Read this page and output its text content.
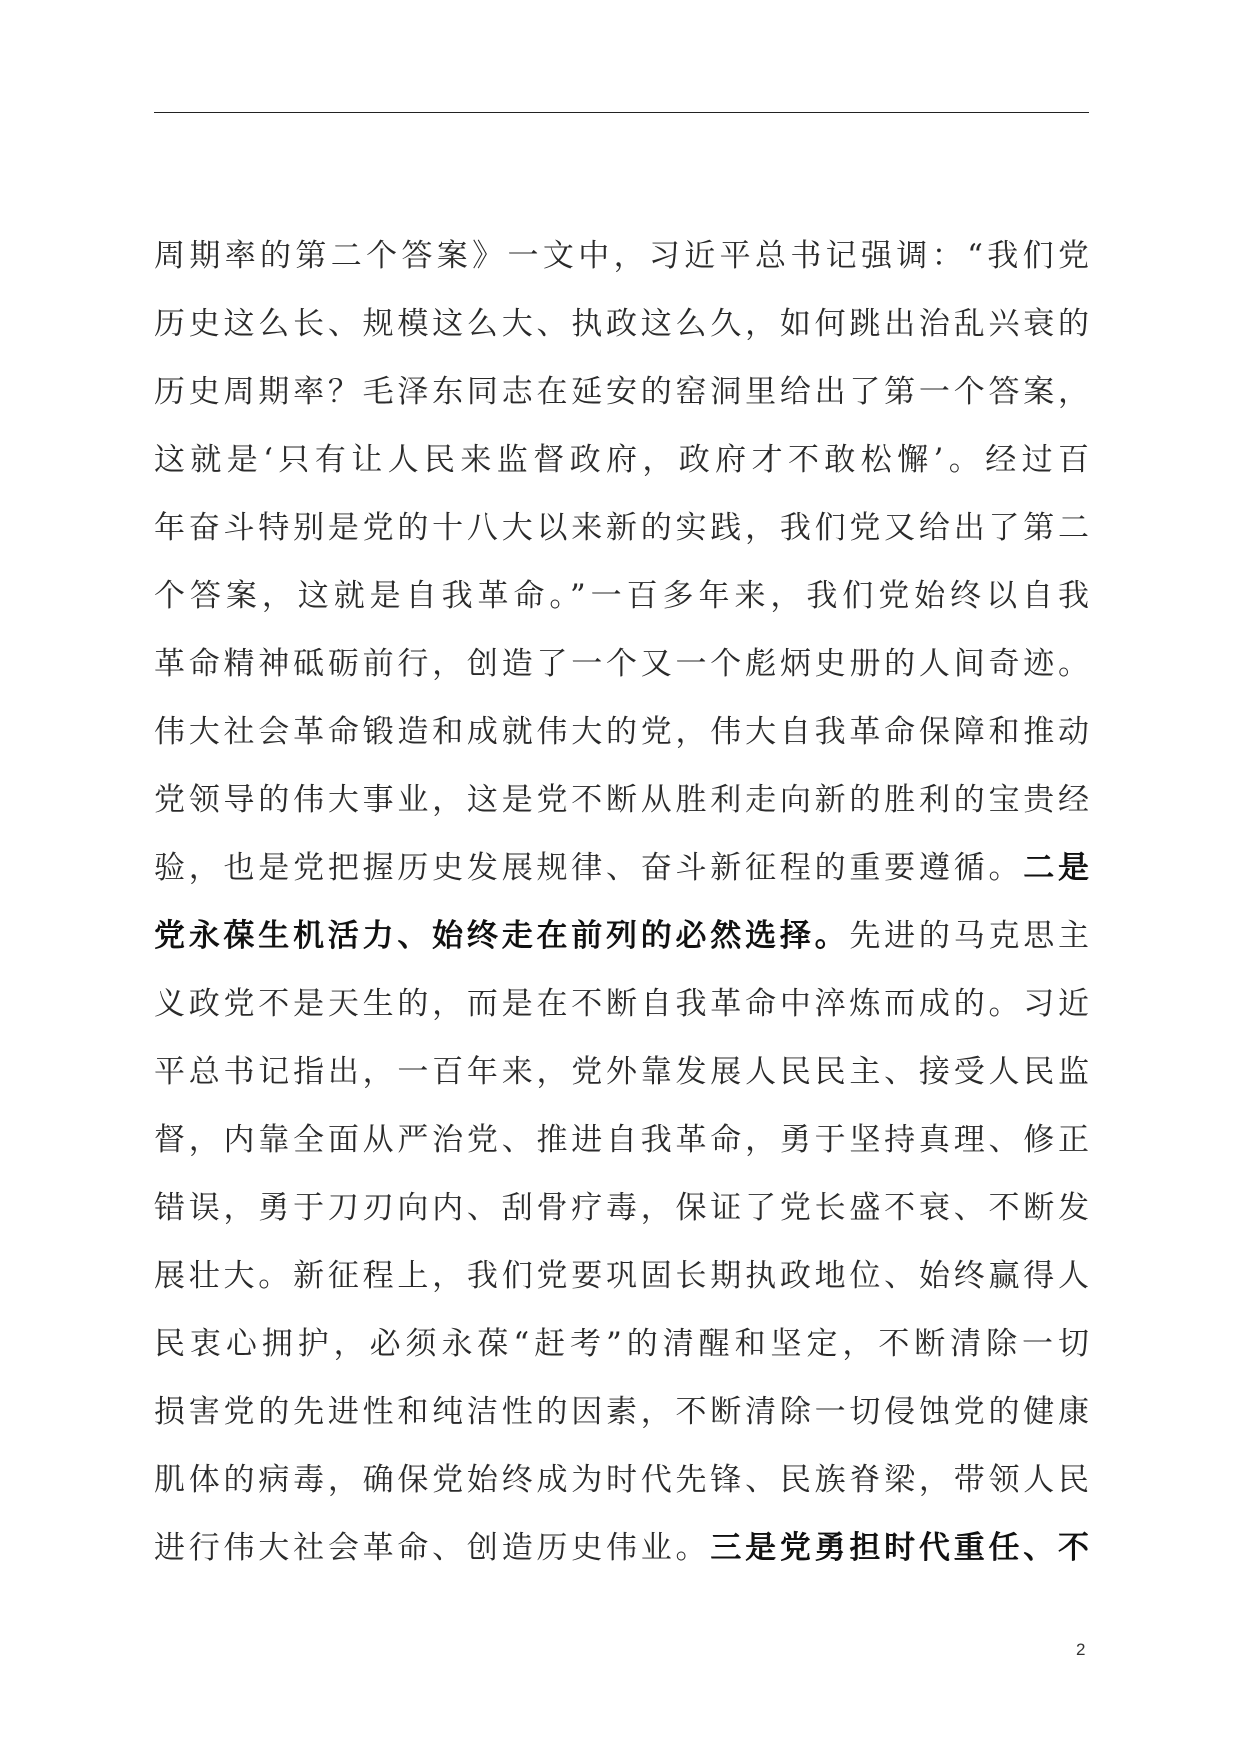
周期率的第二个答案》一文中，习近平总书记强调：“我们党
历史这么长、规模这么大、执政这么久，如何跳出治乱兴衰的
历史周期率？毛泽东同志在延安的窑洞里给出了第一个答案，
这就是‘只有让人民来监督政府，政府才不敢松懈’。经过百
年奋斗特别是党的十八大以来新的实践，我们党又给出了第二
个答案，这就是自我革命。”一百多年来，我们党始终以自我
革命精神砥砺前行，创造了一个又一个彪炳史册的人间奇迹。
伟大社会革命锻造和成就伟大的党，伟大自我革命保障和推动
党领导的伟大事业，这是党不断从胜利走向新的胜利的宝贵经
验，也是党把握历史发展规律、奋斗新征程的重要遵循。二是
党永葆生机活力、始终走在前列的必然选择。先进的马克思主
义政党不是天生的，而是在不断自我革命中淬炼而成的。习近
平总书记指出，一百年来，党外靠发展人民民主、接受人民监
督，内靠全面从严治党、推进自我革命，勇于坚持真理、修正
错误，勇于刀刃向内、刮骨疗毒，保证了党长盛不衰、不断发
展壮大。新征程上，我们党要巩固长期执政地位、始终赢得人
民衷心拥护，必须永葆“赶考”的清醒和坚定，不断清除一切
损害党的先进性和纯洁性的因素，不断清除一切侵蚀党的健康
肌体的病毒，确保党始终成为时代先锋、民族脊梁，带领人民
进行伟大社会革命、创造历史伟业。三是党勇担时代重任、不
2
